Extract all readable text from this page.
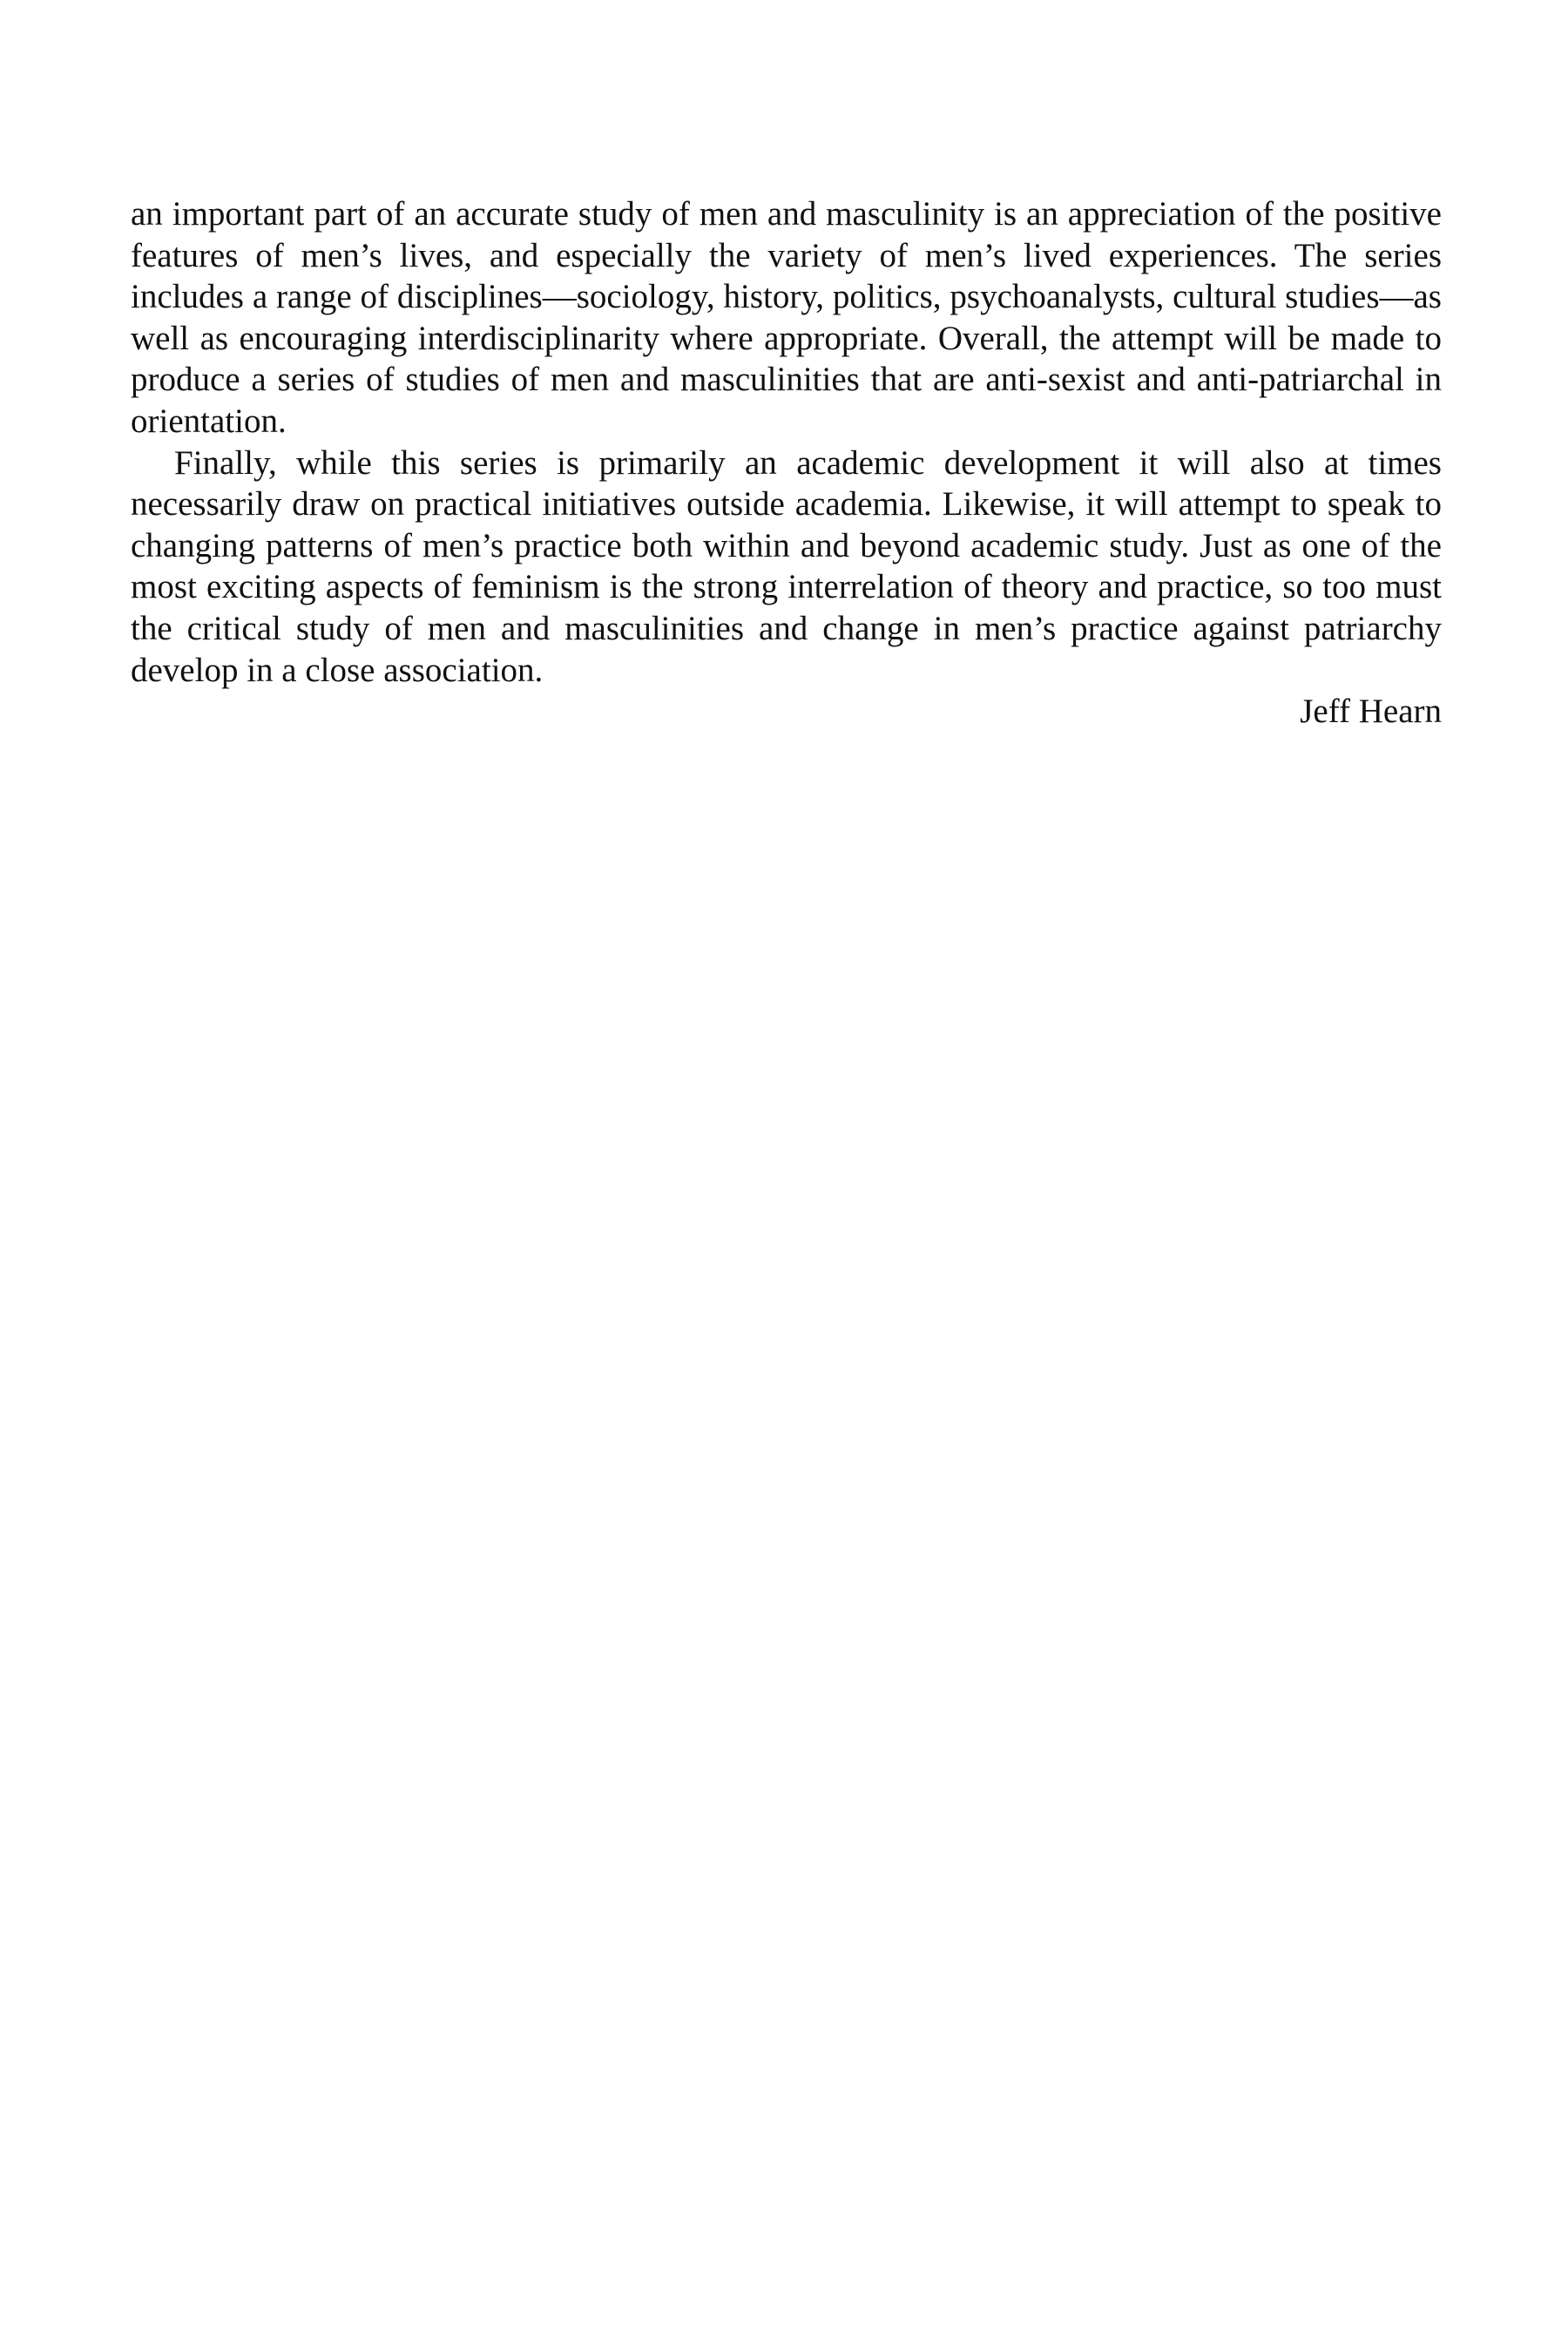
an important part of an accurate study of men and masculinity is an appreciation of the positive features of men’s lives, and especially the variety of men’s lived experiences. The series includes a range of disciplines—sociology, history, politics, psychoanalysts, cultural studies—as well as encouraging interdisciplinarity where appropriate. Overall, the attempt will be made to produce a series of studies of men and masculinities that are anti-sexist and anti-patriarchal in orientation.

Finally, while this series is primarily an academic development it will also at times necessarily draw on practical initiatives outside academia. Likewise, it will attempt to speak to changing patterns of men’s practice both within and beyond academic study. Just as one of the most exciting aspects of feminism is the strong interrelation of theory and practice, so too must the critical study of men and masculinities and change in men’s practice against patriarchy develop in a close association.

Jeff Hearn
